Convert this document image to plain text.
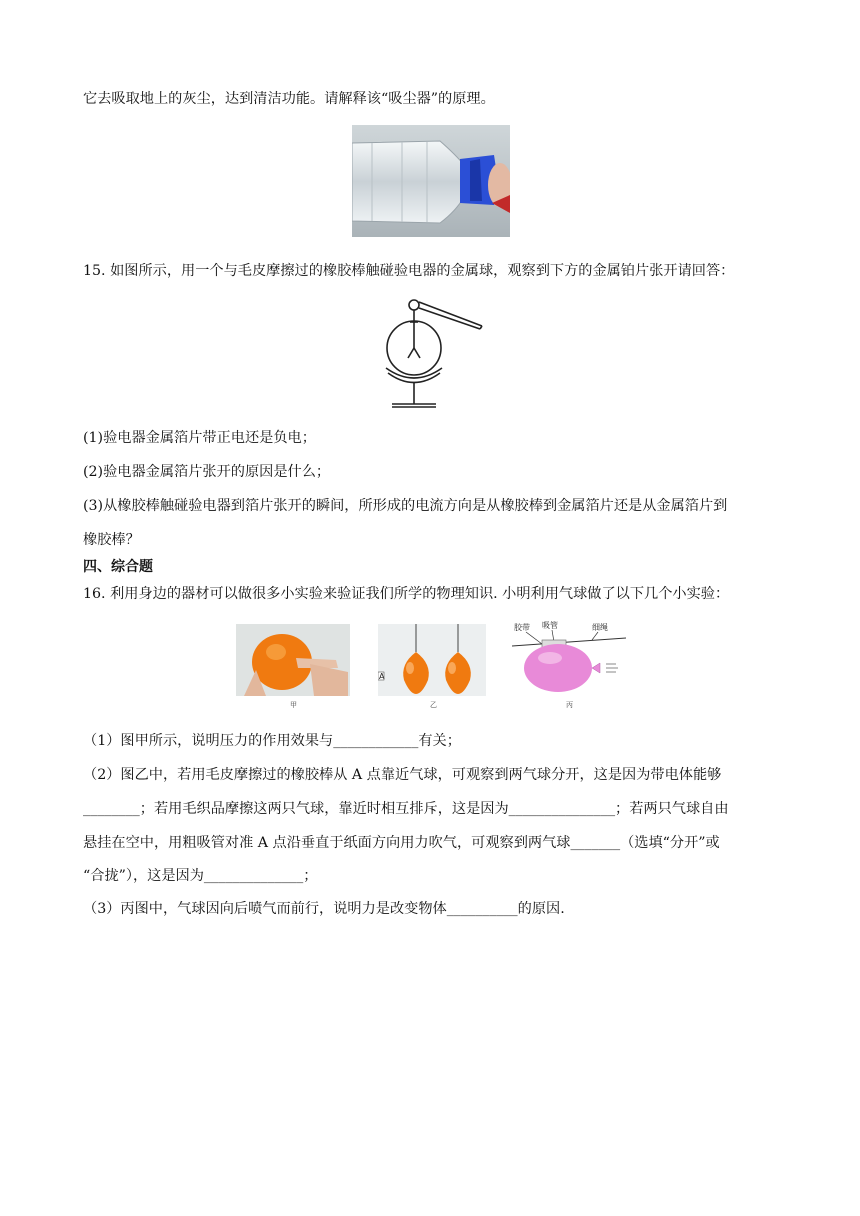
它去吸取地上的灰尘，达到清洁功能。请解释该“吸尘器”的原理。
15. 如图所示，用一个与毛皮摩擦过的橡胶棒触碰验电器的金属球，观察到下方的金属铂片张开请回答：
(1)验电器金属箔片带正电还是负电；
(2)验电器金属箔片张开的原因是什么；
(3)从橡胶棒触碰验电器到箔片张开的瞬间，所形成的电流方向是从橡胶棒到金属箔片还是从金属箔片到
橡胶棒？
四、综合题
16. 利用身边的器材可以做很多小实验来验证我们所学的物理知识. 小明利用气球做了以下几个小实验：
甲
A
乙
胶带 吸管	细绳
丙
（1）图甲所示，说明压力的作用效果与____________有关；
（2）图乙中，若用毛皮摩擦过的橡胶棒从 A 点靠近气球，可观察到两气球分开，这是因为带电体能够
________；若用毛织品摩擦这两只气球，靠近时相互排斥，这是因为_______________；若两只气球自由
悬挂在空中，用粗吸管对准 A 点沿垂直于纸面方向用力吹气，可观察到两气球_______（选填“分开”或
“合拢”），这是因为______________；
（3）丙图中，气球因向后喷气而前行，说明力是改变物体__________的原因.
